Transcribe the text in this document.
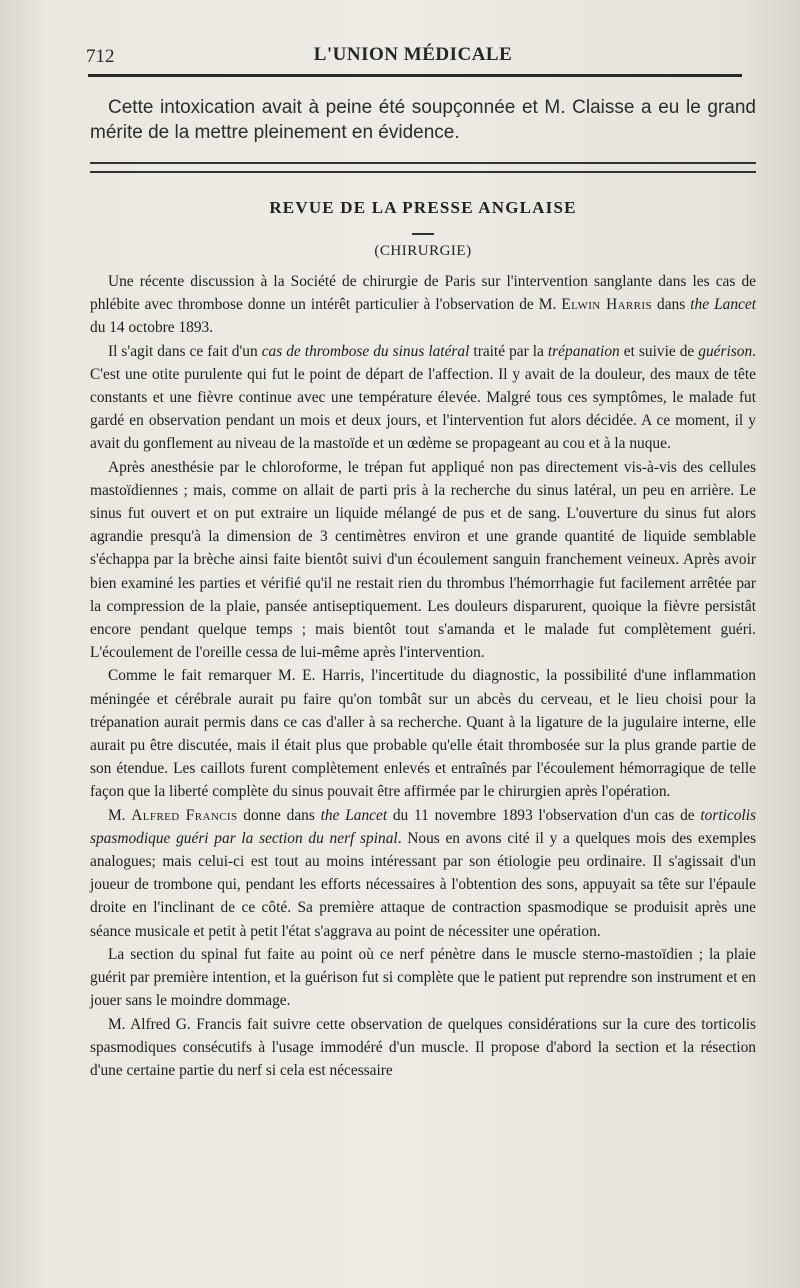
712	L'UNION MÉDICALE

Cette intoxication avait à peine été soupçonnée et M. Claisse a eu le grand mérite de la mettre pleinement en évidence.

REVUE DE LA PRESSE ANGLAISE
(CHIRURGIE)

Une récente discussion à la Société de chirurgie de Paris sur l'intervention sanglante dans les cas de phlébite avec thrombose donne un intérêt particulier à l'observation de M. Elwin Harris dans the Lancet du 14 octobre 1893.

Il s'agit dans ce fait d'un cas de thrombose du sinus latéral traité par la trépanation et suivie de guérison. C'est une otite purulente qui fut le point de départ de l'affection. Il y avait de la douleur, des maux de tête constants et une fièvre continue avec une température élevée. Malgré tous ces symptômes, le malade fut gardé en observation pendant un mois et deux jours, et l'intervention fut alors décidée. A ce moment, il y avait du gonflement au niveau de la mastoïde et un œdème se propageant au cou et à la nuque.

Après anesthésie par le chloroforme, le trépan fut appliqué non pas directement vis-à-vis des cellules mastoïdiennes ; mais, comme on allait de parti pris à la recherche du sinus latéral, un peu en arrière. Le sinus fut ouvert et on put extraire un liquide mélangé de pus et de sang. L'ouverture du sinus fut alors agrandie presqu'à la dimension de 3 centimètres environ et une grande quantité de liquide semblable s'échappa par la brèche ainsi faite bientôt suivi d'un écoulement sanguin franchement veineux. Après avoir bien examiné les parties et vérifié qu'il ne restait rien du thrombus l'hémorrhagie fut facilement arrêtée par la compression de la plaie, pansée antiseptiquement. Les douleurs disparurent, quoique la fièvre persistât encore pendant quelque temps ; mais bientôt tout s'amanda et le malade fut complètement guéri. L'écoulement de l'oreille cessa de lui-même après l'intervention.

Comme le fait remarquer M. E. Harris, l'incertitude du diagnostic, la possibilité d'une inflammation méningée et cérébrale aurait pu faire qu'on tombât sur un abcès du cerveau, et le lieu choisi pour la trépanation aurait permis dans ce cas d'aller à sa recherche. Quant à la ligature de la jugulaire interne, elle aurait pu être discutée, mais il était plus que probable qu'elle était thrombosée sur la plus grande partie de son étendue. Les caillots furent complètement enlevés et entraînés par l'écoulement hémorragique de telle façon que la liberté complète du sinus pouvait être affirmée par le chirurgien après l'opération.

M. Alfred Francis donne dans the Lancet du 11 novembre 1893 l'observation d'un cas de torticolis spasmodique guéri par la section du nerf spinal. Nous en avons cité il y a quelques mois des exemples analogues; mais celui-ci est tout au moins intéressant par son étiologie peu ordinaire. Il s'agissait d'un joueur de trombone qui, pendant les efforts nécessaires à l'obtention des sons, appuyait sa tête sur l'épaule droite en l'inclinant de ce côté. Sa première attaque de contraction spasmodique se produisit après une séance musicale et petit à petit l'état s'aggrava au point de nécessiter une opération.

La section du spinal fut faite au point où ce nerf pénètre dans le muscle sterno-mastoïdien ; la plaie guérit par première intention, et la guérison fut si complète que le patient put reprendre son instrument et en jouer sans le moindre dommage.

M. Alfred G. Francis fait suivre cette observation de quelques considérations sur la cure des torticolis spasmodiques consécutifs à l'usage immodéré d'un muscle. Il propose d'abord la section et la résection d'une certaine partie du nerf si cela est nécessaire
